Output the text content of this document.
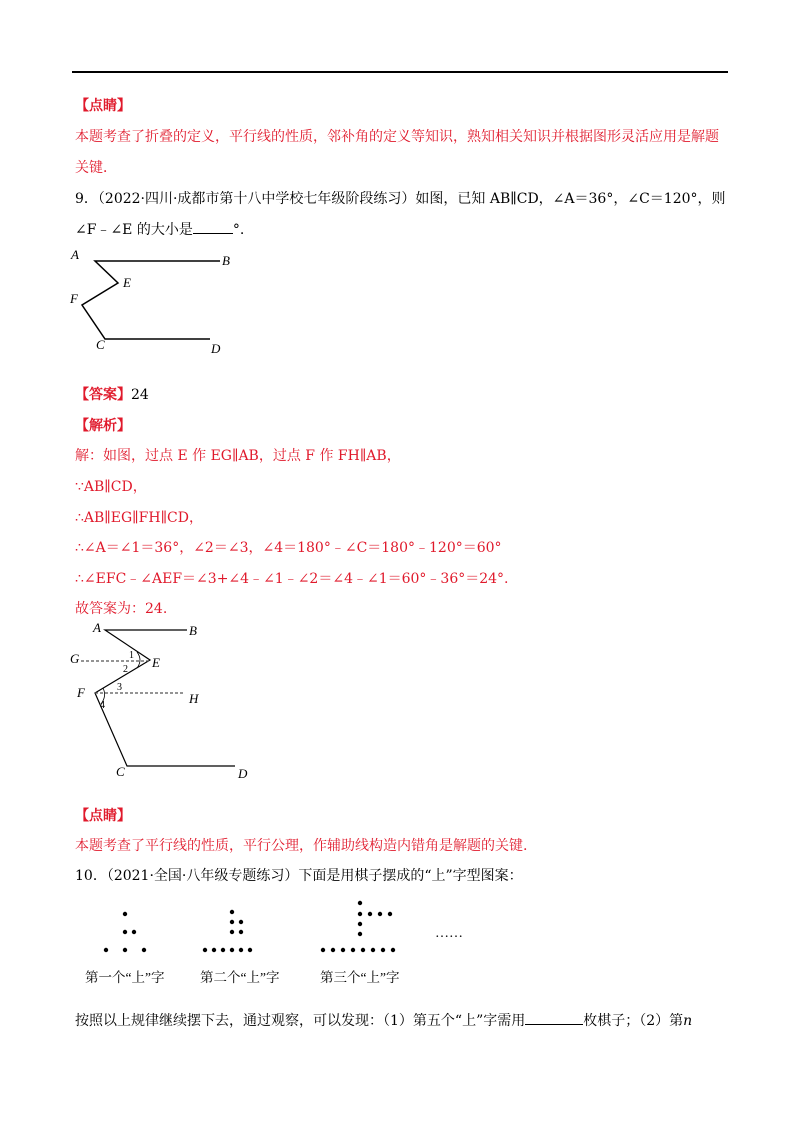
【点睛】
本题考查了折叠的定义，平行线的性质，邻补角的定义等知识，熟知相关知识并根据图形灵活应用是解题
关键．
9．（2022·四川·成都市第十八中学校七年级阶段练习）如图，已知 AB∥CD，∠A＝36°，∠C＝120°，则
∠F﹣∠E 的大小是	°.
A	B
E
F
C	D
【答案】24
【解析】
解：如图，过点 E 作 EG∥AB，过点 F 作 FH∥AB，
∵AB∥CD，
∴AB∥EG∥FH∥CD，
∴∠A＝∠1＝36°，∠2＝∠3，∠4＝180°﹣∠C＝180°﹣120°＝60°
∴∠EFC﹣∠AEF＝∠3+∠4﹣∠1﹣∠2＝∠4﹣∠1＝60°﹣36°＝24°.
故答案为：24.
A	B
G	E
F	H
C	D
1
2
3
4
【点睛】
本题考查了平行线的性质，平行公理，作辅助线构造内错角是解题的关键.
10．（2021·全国·八年级专题练习）下面是用棋子摆成的“上”字型图案：
……
第一个“上”字	第二个“上”字	第三个“上”字
按照以上规律继续摆下去，通过观察，可以发现：（1）第五个“上”字需用	枚棋子；（2）第n
